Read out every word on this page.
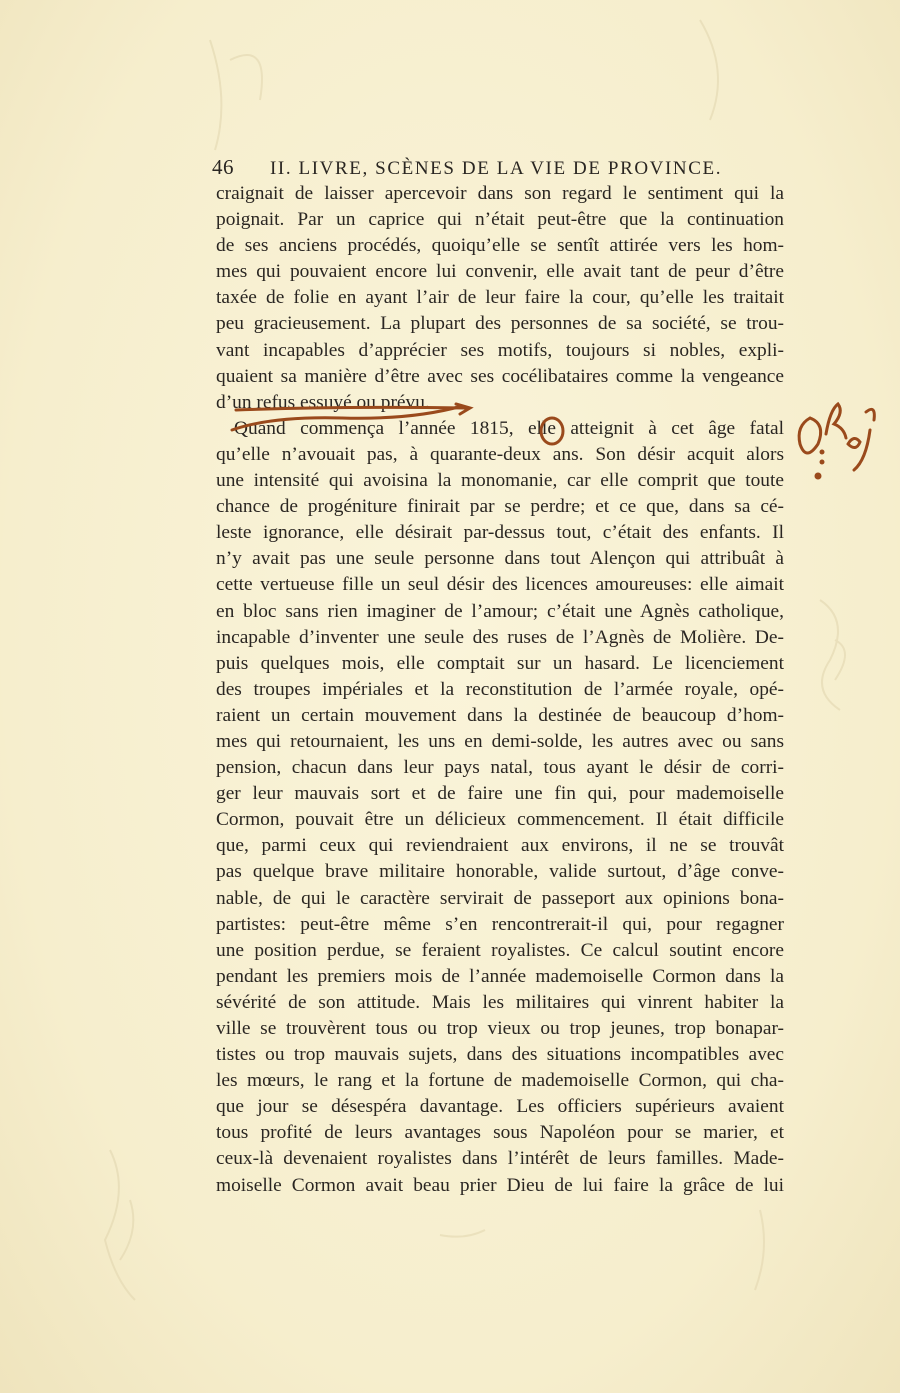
46 II. LIVRE, SCÈNES DE LA VIE DE PROVINCE.
craignait de laisser apercevoir dans son regard le sentiment qui la
poignait. Par un caprice qui n’était peut-être que la continuation
de ses anciens procédés, quoiqu’elle se sentît attirée vers les hom-
mes qui pouvaient encore lui convenir, elle avait tant de peur d’être
taxée de folie en ayant l’air de leur faire la cour, qu’elle les traitait
peu gracieusement. La plupart des personnes de sa société, se trou-
vant incapables d’apprécier ses motifs, toujours si nobles, expli-
quaient sa manière d’être avec ses cocélibataires comme la vengeance
d’un refus essuyé ou prévu.
Quand commença l’année 1815, elle atteignit à cet âge fatal
qu’elle n’avouait pas, à quarante-deux ans. Son désir acquit alors
une intensité qui avoisina la monomanie, car elle comprit que toute
chance de progéniture finirait par se perdre; et ce que, dans sa cé-
leste ignorance, elle désirait par-dessus tout, c’était des enfants. Il
n’y avait pas une seule personne dans tout Alençon qui attribuât à
cette vertueuse fille un seul désir des licences amoureuses: elle aimait
en bloc sans rien imaginer de l’amour; c’était une Agnès catholique,
incapable d’inventer une seule des ruses de l’Agnès de Molière. De-
puis quelques mois, elle comptait sur un hasard. Le licenciement
des troupes impériales et la reconstitution de l’armée royale, opé-
raient un certain mouvement dans la destinée de beaucoup d’hom-
mes qui retournaient, les uns en demi-solde, les autres avec ou sans
pension, chacun dans leur pays natal, tous ayant le désir de corri-
ger leur mauvais sort et de faire une fin qui, pour mademoiselle
Cormon, pouvait être un délicieux commencement. Il était difficile
que, parmi ceux qui reviendraient aux environs, il ne se trouvât
pas quelque brave militaire honorable, valide surtout, d’âge conve-
nable, de qui le caractère servirait de passeport aux opinions bona-
partistes: peut-être même s’en rencontrerait-il qui, pour regagner
une position perdue, se feraient royalistes. Ce calcul soutint encore
pendant les premiers mois de l’année mademoiselle Cormon dans la
sévérité de son attitude. Mais les militaires qui vinrent habiter la
ville se trouvèrent tous ou trop vieux ou trop jeunes, trop bonapar-
tistes ou trop mauvais sujets, dans des situations incompatibles avec
les mœurs, le rang et la fortune de mademoiselle Cormon, qui cha-
que jour se désespéra davantage. Les officiers supérieurs avaient
tous profité de leurs avantages sous Napoléon pour se marier, et
ceux-là devenaient royalistes dans l’intérêt de leurs familles. Made-
moiselle Cormon avait beau prier Dieu de lui faire la grâce de lui
